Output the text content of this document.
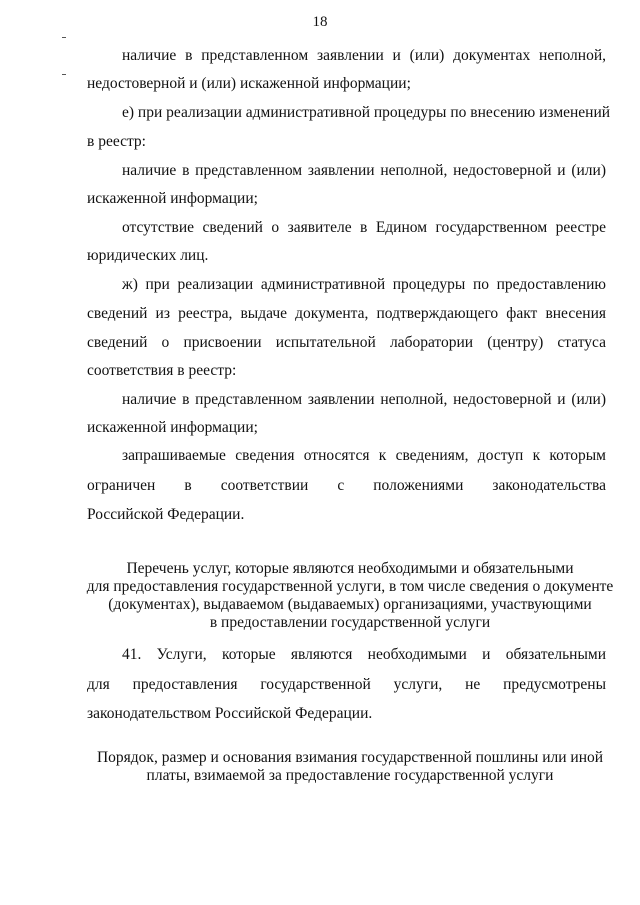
18
наличие в представленном заявлении и (или) документах неполной,
недостоверной и (или) искаженной информации;
е) при реализации административной процедуры по внесению изменений
в реестр:
наличие в представленном заявлении неполной, недостоверной и (или)
искаженной информации;
отсутствие сведений о заявителе в Едином государственном реестре
юридических лиц.
ж) при реализации административной процедуры по предоставлению
сведений из реестра, выдаче документа, подтверждающего факт внесения
сведений о присвоении испытательной лаборатории (центру) статуса
соответствия в реестр:
наличие в представленном заявлении неполной, недостоверной и (или)
искаженной информации;
запрашиваемые сведения относятся к сведениям, доступ к которым
ограничен в соответствии с положениями законодательства
Российской Федерации.
Перечень услуг, которые являются необходимыми и обязательными
для предоставления государственной услуги, в том числе сведения о документе
(документах), выдаваемом (выдаваемых) организациями, участвующими
в предоставлении государственной услуги
41. Услуги, которые являются необходимыми и обязательными
для предоставления государственной услуги, не предусмотрены
законодательством Российской Федерации.
Порядок, размер и основания взимания государственной пошлины или иной
платы, взимаемой за предоставление государственной услуги
